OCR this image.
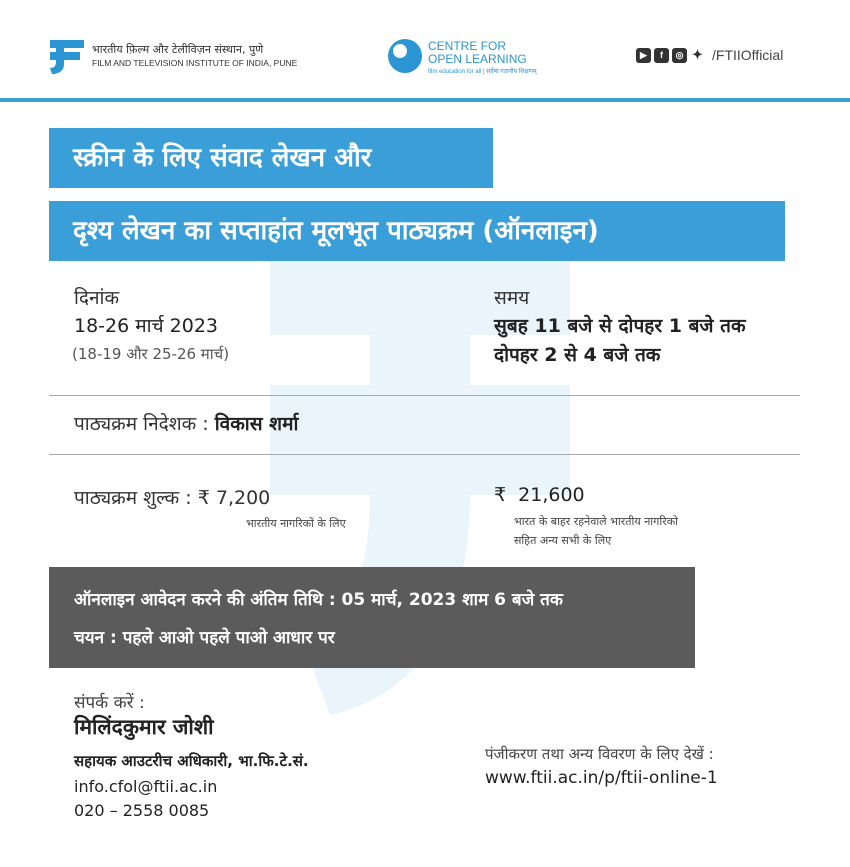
भारतीय फ़िल्म और टेलीविज़न संस्थान, पुणे
FILM AND TELEVISION INSTITUTE OF INDIA, PUNE
CENTRE FOR
OPEN LEARNING
film education for all | सर्वेषां गतानीय शिक्षणम्
▶	f	◎ ✦ /FTIIOfficial
स्क्रीन के लिए संवाद लेखन और
दृश्य लेखन का सप्ताहांत मूलभूत पाठ्यक्रम (ऑनलाइन)
दिनांक
18-26 मार्च 2023
(18-19 और 25-26 मार्च)
समय
सुबह 11 बजे से दोपहर 1 बजे तक
दोपहर 2 से 4 बजे तक
पाठ्यक्रम निदेशक : विकास शर्मा
पाठ्यक्रम शुल्क : ₹ 7,200
भारतीय नागरिकों के लिए
₹  21,600
भारत के बाहर रहनेवाले भारतीय नागरिको
सहित अन्य सभी के लिए
ऑनलाइन आवेदन करने की अंतिम तिथि : 05 मार्च, 2023 शाम 6 बजे तक
चयन : पहले आओ पहले पाओ आधार पर
संपर्क करें :
मिलिंदकुमार जोशी
सहायक आउटरीच अधिकारी, भा.फि.टे.सं.
info.cfol@ftii.ac.in
020 – 2558 0085
पंजीकरण तथा अन्य विवरण के लिए देखें :
www.ftii.ac.in/p/ftii-online-1
